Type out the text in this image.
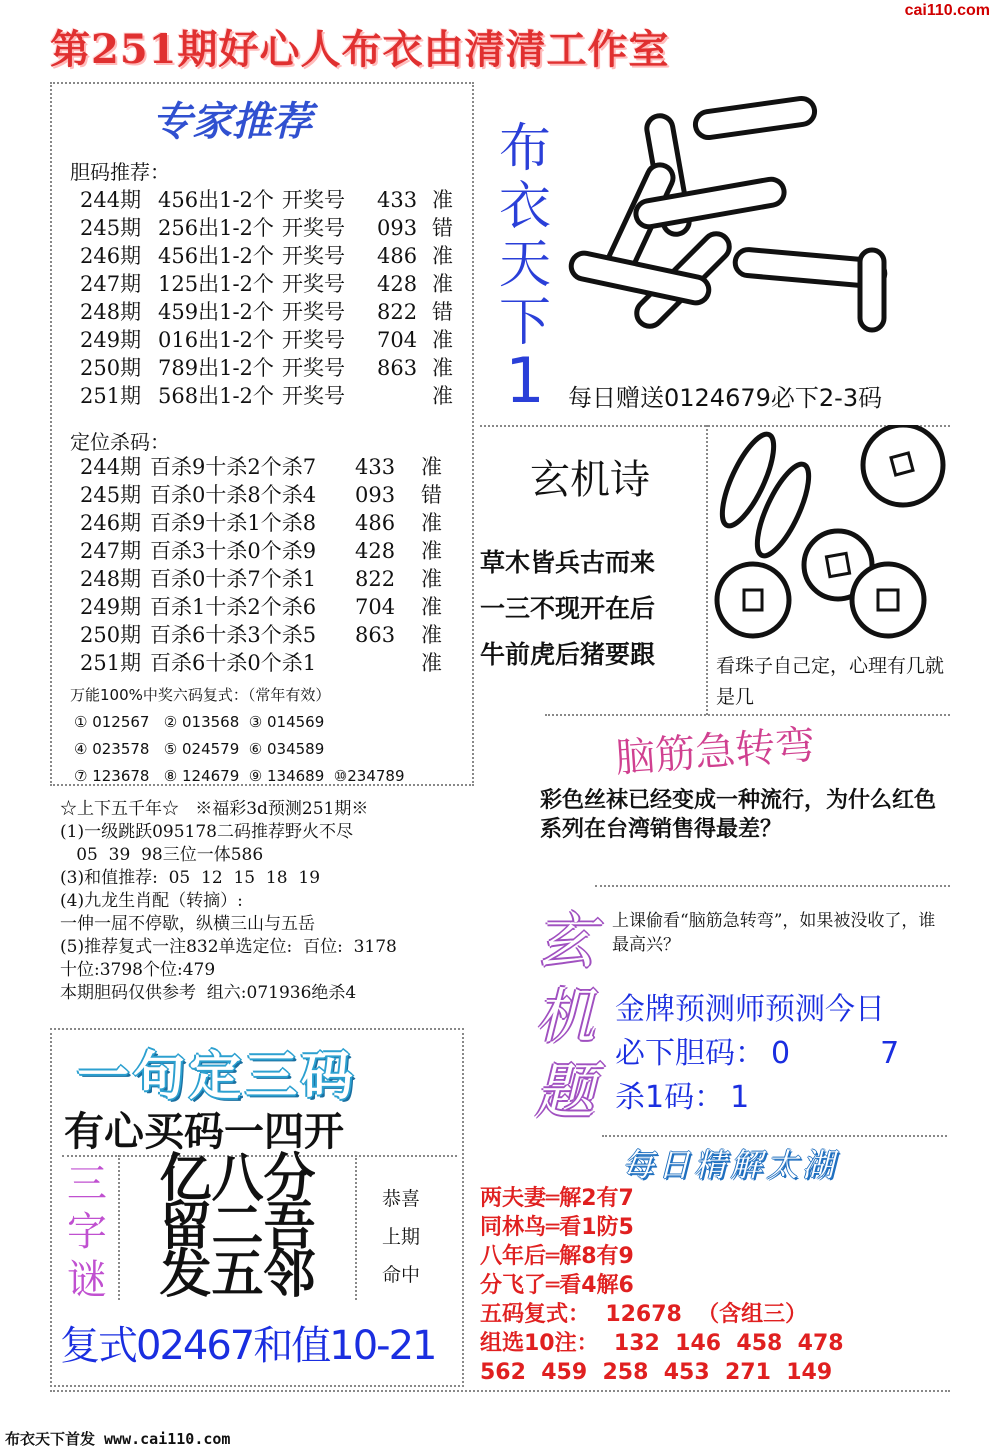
cai110.com
第251期好心人布衣由清清工作室
专家推荐
胆码推荐：
244期 456出1-2个 开奖号	433 准
245期 256出1-2个 开奖号	093 错
246期 456出1-2个 开奖号	486 准
247期 125出1-2个 开奖号	428 准
248期 459出1-2个 开奖号	822 错
249期 016出1-2个 开奖号	704 准
250期 789出1-2个 开奖号	863 准
251期 568出1-2个 开奖号	准
定位杀码：
244期 百杀9十杀2个杀7	433	准
245期 百杀0十杀8个杀4	093	错
246期 百杀9十杀1个杀8	486	准
247期 百杀3十杀0个杀9	428	准
248期 百杀0十杀7个杀1	822	准
249期 百杀1十杀2个杀6	704	准
250期 百杀6十杀3个杀5	863	准
251期 百杀6十杀0个杀1	准
万能100%中奖六码复式：（常年有效）
① 012567   ② 013568  ③ 014569
④ 023578   ⑤ 024579  ⑥ 034589
⑦ 123678   ⑧ 124679  ⑨ 134689  ⑩234789
☆上下五千年☆   ※福彩3d预测251期※
(1)一级跳跃095178二码推荐野火不尽
05  39  98三位一体586
(3)和值推荐:  05  12  15  18  19
(4)九龙生肖配（转摘）:
一伸一屈不停歇，纵横三山与五岳
(5)推荐复式一注832单选定位:  百位:  3178
十位:3798个位:479
本期胆码仅供参考  组六:071936绝杀4
布
衣
天
下
1
9
每日赠送0124679必下2-3码
玄机诗
草木皆兵古而来
一三不现开在后
牛前虎后猪要跟	看珠子自己定，心理有几就是几
脑筋急转弯
彩色丝袜已经变成一种流行，为什么红色系列在台湾销售得最差？
玄
机
题
上课偷看“脑筋急转弯”，如果被没收了，谁最高兴？
金牌预测师预测今日
必下胆码： 0	7
杀1码： 1
一句定三码
有心买码一四开
三
字
谜
亿八分
留二吾
发五邻
恭喜
上期
命中
复式02467和值10-21
每日精解太湖
两夫妻═解2有7
同林鸟═看1防5
八年后═解8有9
分飞了═看4解6
五码复式：  12678  （含组三）
组选10注：  132  146  458  478
562  459  258  453  271  149
布衣天下首发 www.cai110.com
